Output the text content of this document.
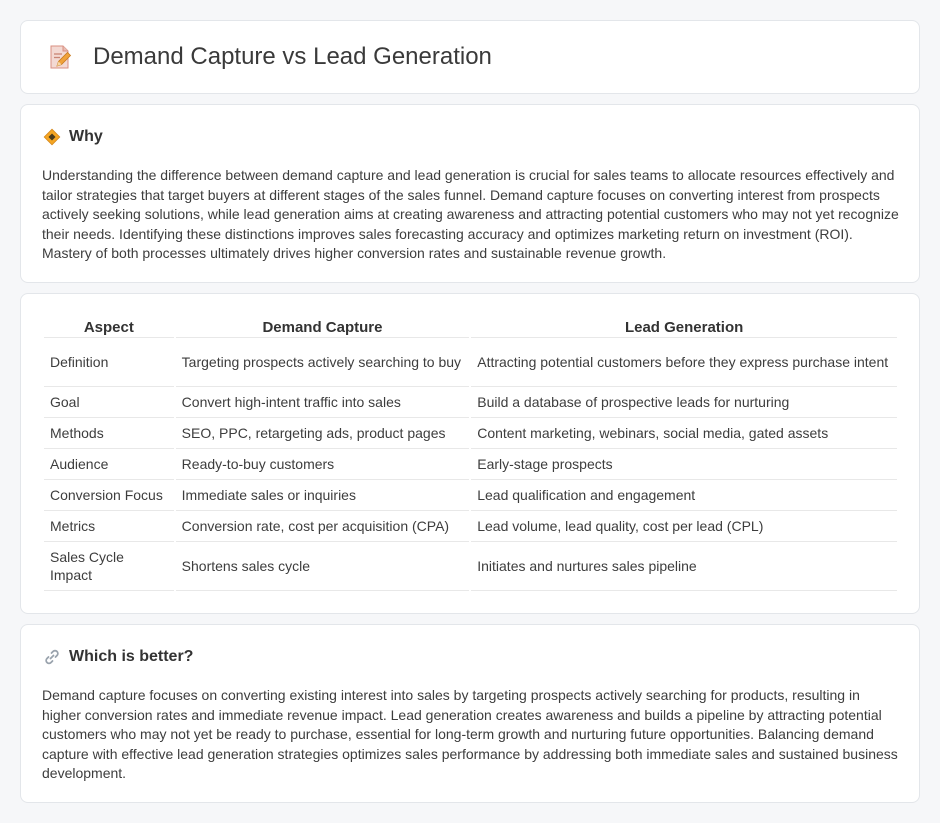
Demand Capture vs Lead Generation
Why

Understanding the difference between demand capture and lead generation is crucial for sales teams to allocate resources effectively and tailor strategies that target buyers at different stages of the sales funnel. Demand capture focuses on converting interest from prospects actively seeking solutions, while lead generation aims at creating awareness and attracting potential customers who may not yet recognize their needs. Identifying these distinctions improves sales forecasting accuracy and optimizes marketing return on investment (ROI). Mastery of both processes ultimately drives higher conversion rates and sustainable revenue growth.

Aspect	Demand Capture	Lead Generation
Definition	Targeting prospects actively searching to buy	Attracting potential customers before they express purchase intent
Goal	Convert high-intent traffic into sales	Build a database of prospective leads for nurturing
Methods	SEO, PPC, retargeting ads, product pages	Content marketing, webinars, social media, gated assets
Audience	Ready-to-buy customers	Early-stage prospects
Conversion Focus	Immediate sales or inquiries	Lead qualification and engagement
Metrics	Conversion rate, cost per acquisition (CPA)	Lead volume, lead quality, cost per lead (CPL)
Sales Cycle Impact	Shortens sales cycle	Initiates and nurtures sales pipeline
Which is better?

Demand capture focuses on converting existing interest into sales by targeting prospects actively searching for products, resulting in higher conversion rates and immediate revenue impact. Lead generation creates awareness and builds a pipeline by attracting potential customers who may not yet be ready to purchase, essential for long-term growth and nurturing future opportunities. Balancing demand capture with effective lead generation strategies optimizes sales performance by addressing both immediate sales and sustained business development.
